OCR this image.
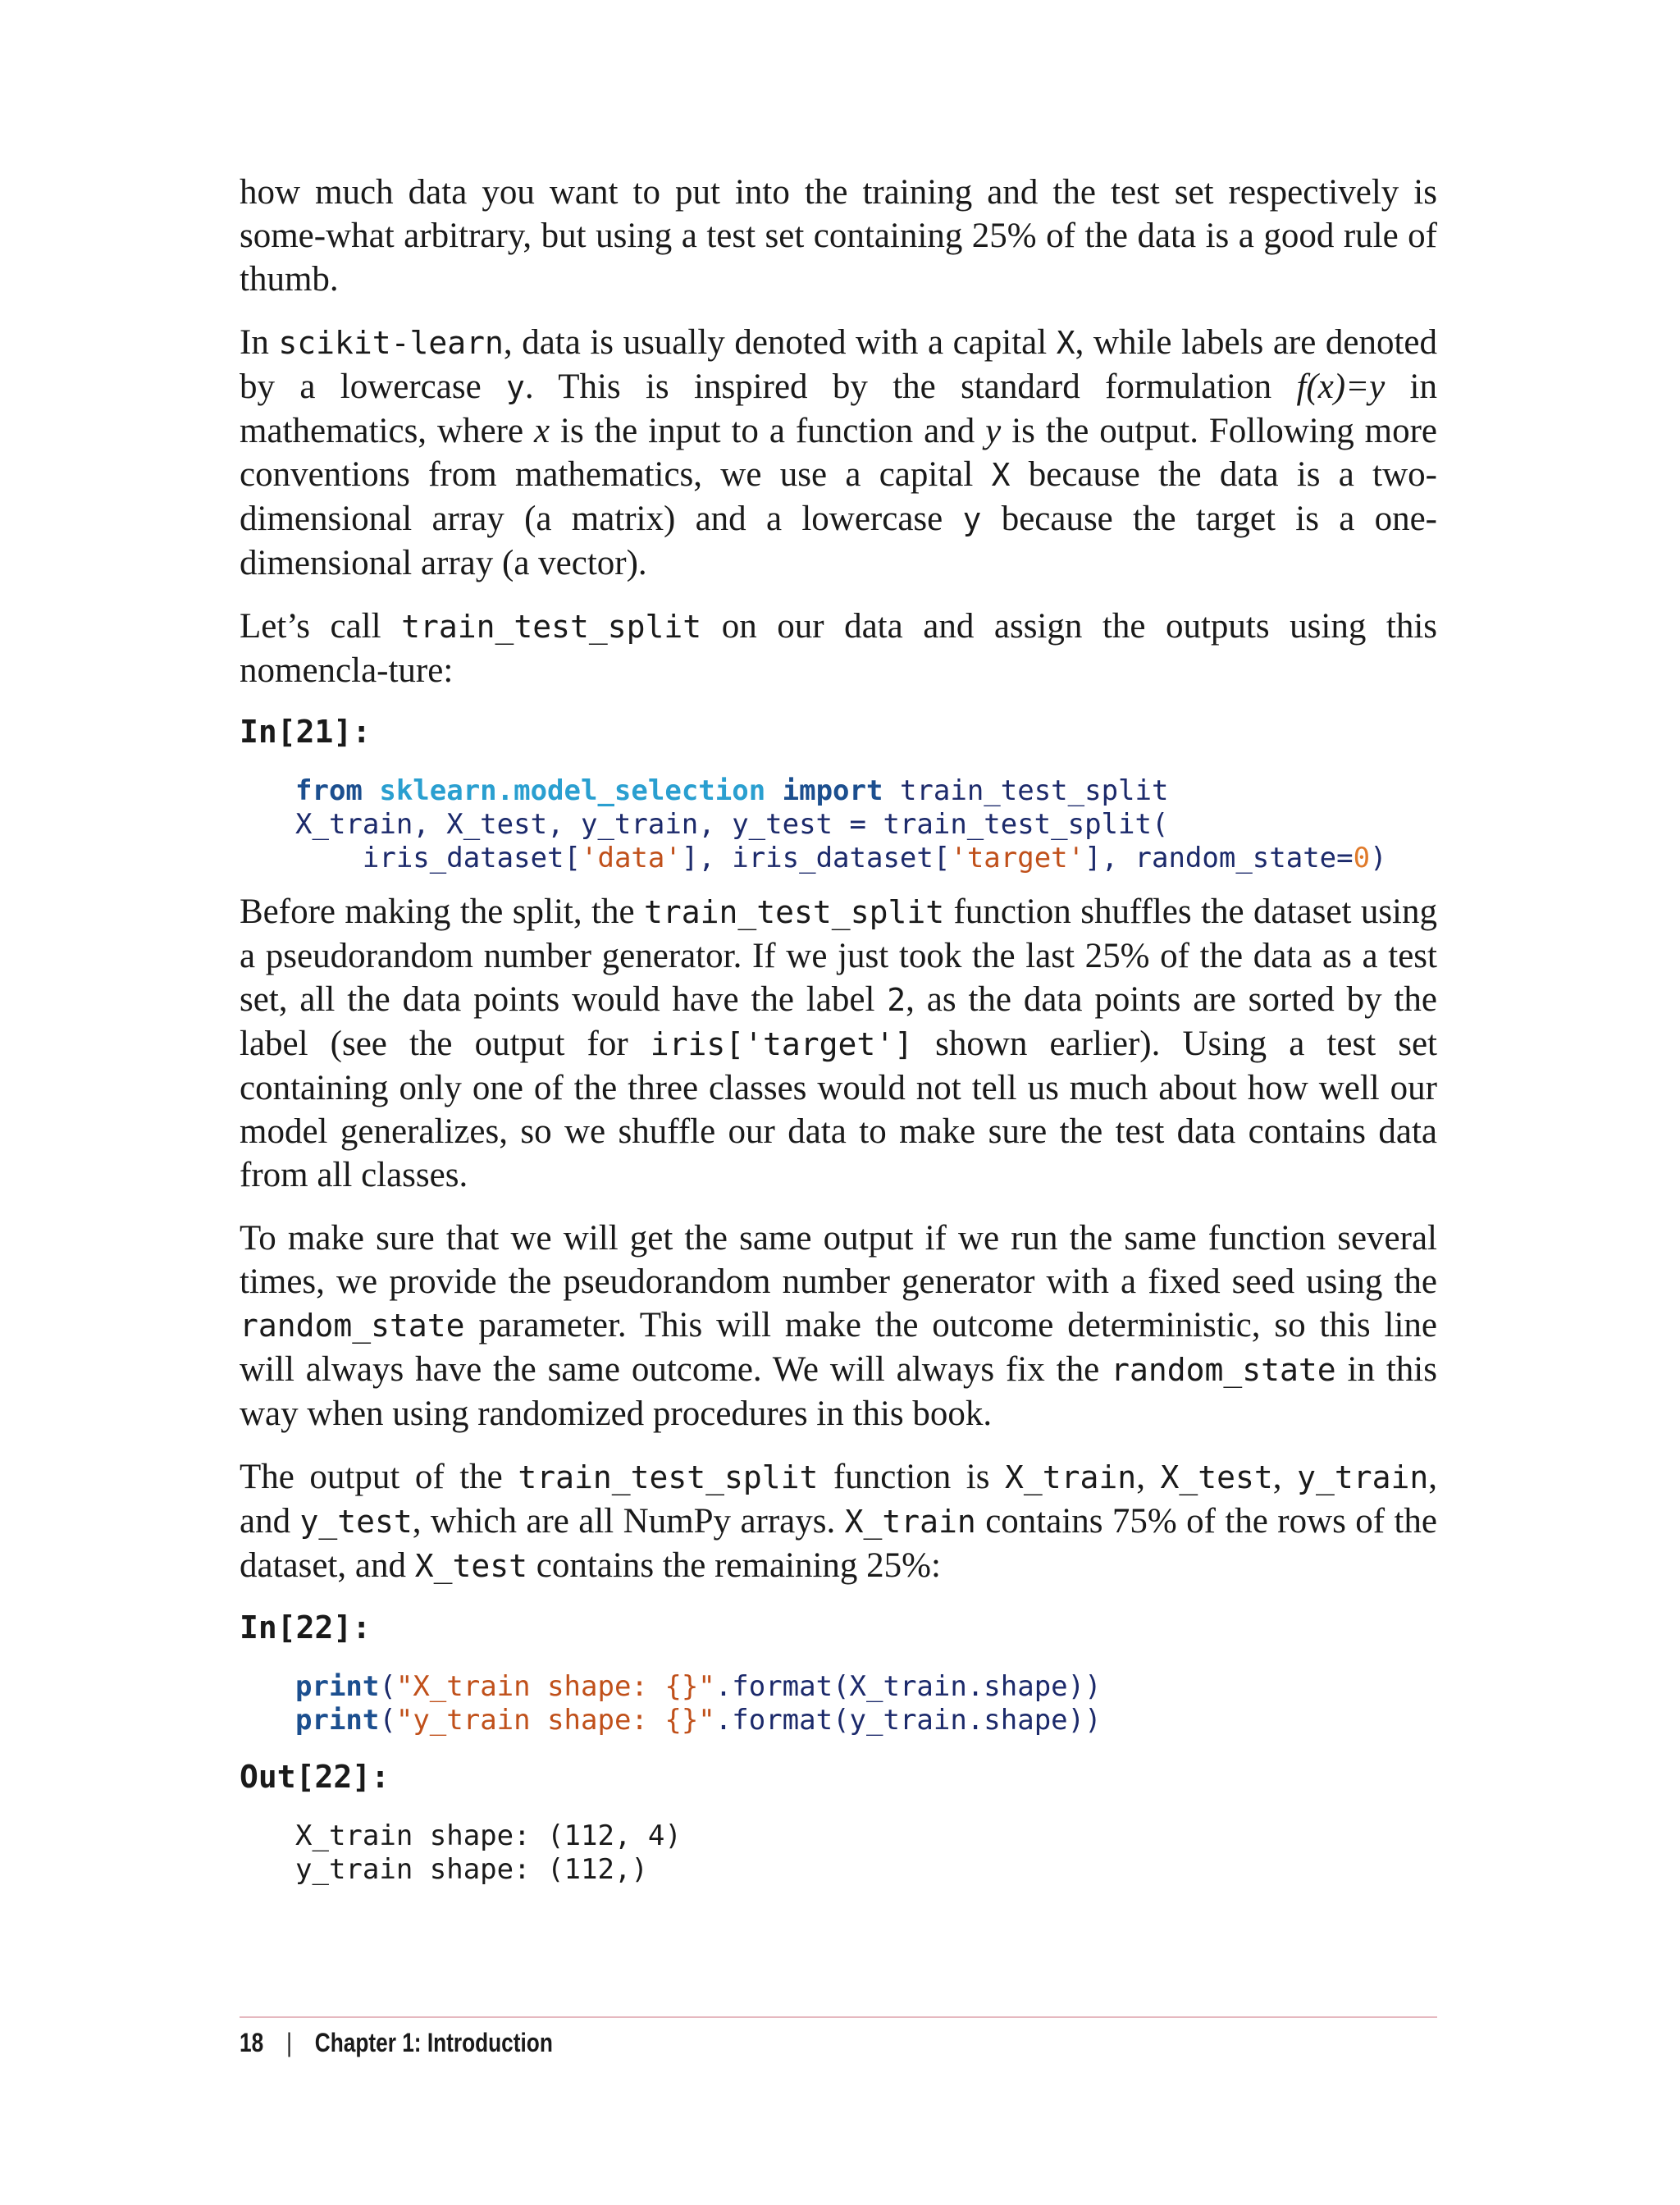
how much data you want to put into the training and the test set respectively is some-what arbitrary, but using a test set containing 25% of the data is a good rule of thumb.

In scikit-learn, data is usually denoted with a capital X, while labels are denoted by a lowercase y. This is inspired by the standard formulation f(x)=y in mathematics, where x is the input to a function and y is the output. Following more conventions from mathematics, we use a capital X because the data is a two-dimensional array (a matrix) and a lowercase y because the target is a one-dimensional array (a vector).

Let’s call train_test_split on our data and assign the outputs using this nomencla-ture:

In[21]:
from sklearn.model_selection import train_test_split
X_train, X_test, y_train, y_test = train_test_split(
iris_dataset['data'], iris_dataset['target'], random_state=0)

Before making the split, the train_test_split function shuffles the dataset using a pseudorandom number generator. If we just took the last 25% of the data as a test set, all the data points would have the label 2, as the data points are sorted by the label (see the output for iris['target'] shown earlier). Using a test set containing only one of the three classes would not tell us much about how well our model generalizes, so we shuffle our data to make sure the test data contains data from all classes.

To make sure that we will get the same output if we run the same function several times, we provide the pseudorandom number generator with a fixed seed using the random_state parameter. This will make the outcome deterministic, so this line will always have the same outcome. We will always fix the random_state in this way when using randomized procedures in this book.

The output of the train_test_split function is X_train, X_test, y_train, and y_test, which are all NumPy arrays. X_train contains 75% of the rows of the dataset, and X_test contains the remaining 25%:

In[22]:
print("X_train shape: {}".format(X_train.shape))
print("y_train shape: {}".format(y_train.shape))
Out[22]:
X_train shape: (112, 4)
y_train shape: (112,)
18 | Chapter 1: Introduction
